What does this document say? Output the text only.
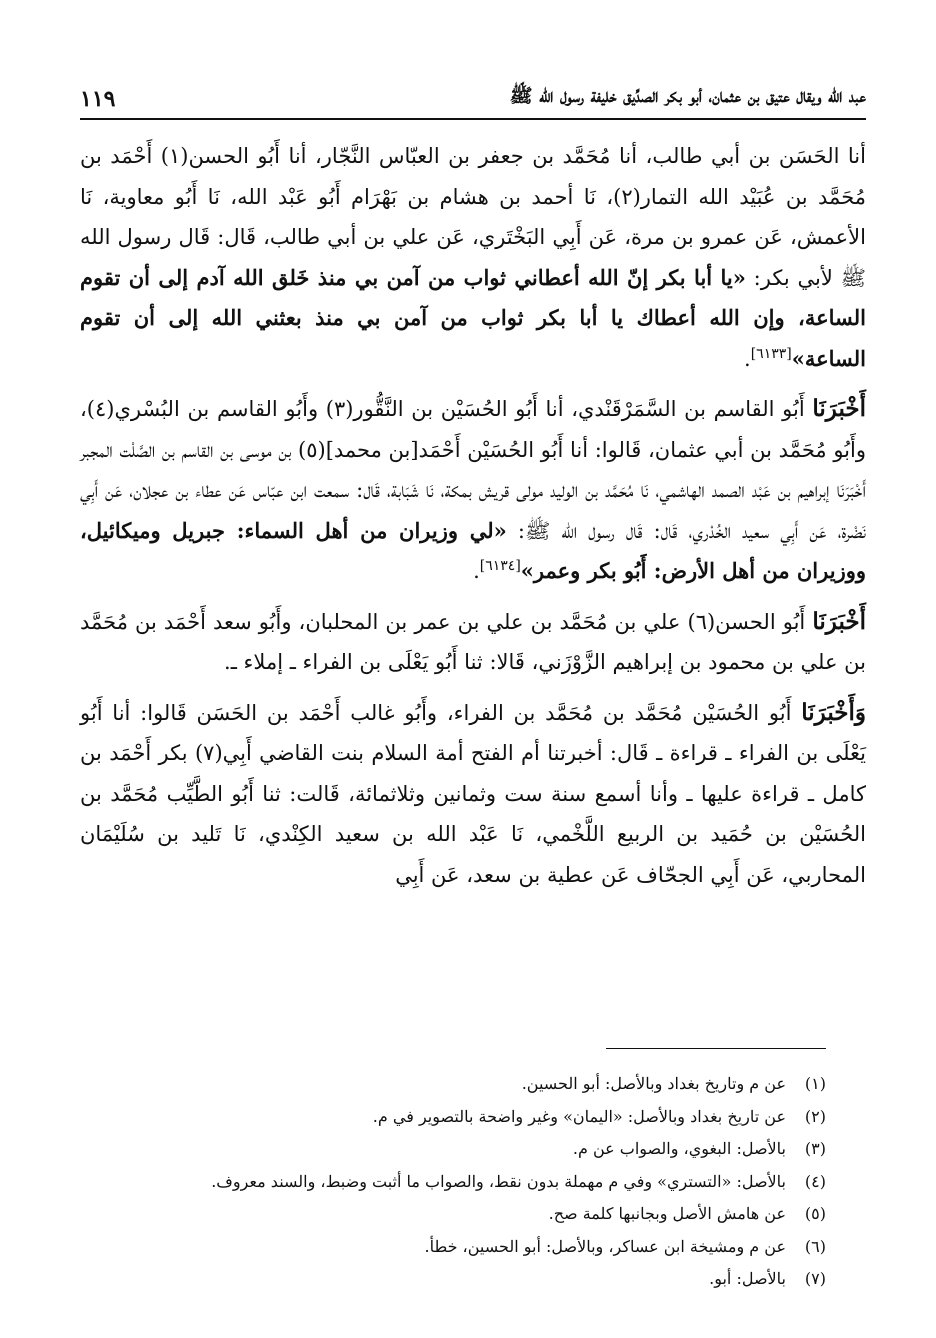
١١٩	عبد الله ويقال عتيق بن عثمان، أبو بكر الصدِّيق خليفة رسول الله ﷺ

أنا الحَسَن بن أبي طالب، أنا مُحَمَّد بن جعفر بن العبّاس النَّجّار، أنا أَبُو الحسن(١) أَحْمَد بن مُحَمَّد بن عُبَيْد الله التمار(٢)، نَا أحمد بن هشام بن بَهْرَام أَبُو عَبْد الله، نَا أَبُو معاوية، نَا الأعمش، عَن عمرو بن مرة، عَن أَبِي البَخْتَري، عَن علي بن أبي طالب، قَال: قَال رسول الله ﷺ لأبي بكر: «يا أبا بكر إنّ الله أعطاني ثواب من آمن بي منذ خَلق الله آدم إلى أن تقوم الساعة، وإن الله أعطاك يا أبا بكر ثواب من آمن بي منذ بعثني الله إلى أن تقوم الساعة»[٦١٣٣].

أَخْبَرَنَا أَبُو القاسم بن السَّمَرْقَنْدي، أنا أَبُو الحُسَيْن بن النَّقُّور(٣) وأَبُو القاسم بن البُسْري(٤)، وأَبُو مُحَمَّد بن أبي عثمان، قَالوا: أنا أَبُو الحُسَيْن أَحْمَد[بن محمد](٥) بن موسى بن القاسم بن الصَّلْت المجبر أَخْبَرَنَا إبراهيم بن عَبْد الصمد الهاشمي، نَا مُحَمَّد بن الوليد مولى قريش بمكة، نَا شَبَابة، قَال: سمعت ابن عبّاس عَن عطاء بن عجلان، عَن أَبِي نَضْرة، عَن أَبِي سعيد الخُدْري، قَال: قَال رسول الله ﷺ: «لي وزيران من أهل السماء: جبريل وميكائيل، ووزيران من أهل الأرض: أَبُو بكر وعمر»[٦١٣٤].

أَخْبَرَنَا أَبُو الحسن(٦) علي بن مُحَمَّد بن علي بن عمر بن المحلبان، وأَبُو سعد أَحْمَد بن مُحَمَّد بن علي بن محمود بن إبراهيم الزَّوْزَني، قَالا: ثنا أَبُو يَعْلَى بن الفراء ـ إملاء ـ.

وَأَخْبَرَنَا أَبُو الحُسَيْن مُحَمَّد بن مُحَمَّد بن الفراء، وأَبُو غالب أَحْمَد بن الحَسَن قَالوا: أنا أَبُو يَعْلَى بن الفراء ـ قراءة ـ قَال: أخبرتنا أم الفتح أمة السلام بنت القاضي أَبِي(٧) بكر أَحْمَد بن كامل ـ قراءة عليها ـ وأنا أسمع سنة ست وثمانين وثلاثمائة، قَالت: ثنا أَبُو الطَّيِّب مُحَمَّد بن الحُسَيْن بن حُمَيد بن الربيع اللَّخْمي، نَا عَبْد الله بن سعيد الكِنْدي، نَا تَليد بن سُلَيْمَان المحاربي، عَن أَبِي الجحّاف عَن عطية بن سعد، عَن أَبِي

(١)
عن م وتاريخ بغداد وبالأصل: أبو الحسين.
(٢)
عن تاريخ بغداد وبالأصل: «اليمان» وغير واضحة بالتصوير في م.
(٣)
بالأصل: البغوي، والصواب عن م.
(٤)
بالأصل: «التستري» وفي م مهملة بدون نقط، والصواب ما أثبت وضبط، والسند معروف.
(٥)
عن هامش الأصل وبجانبها كلمة صح.
(٦)
عن م ومشيخة ابن عساكر، وبالأصل: أبو الحسين، خطأ.
(٧)
بالأصل: أبو.
